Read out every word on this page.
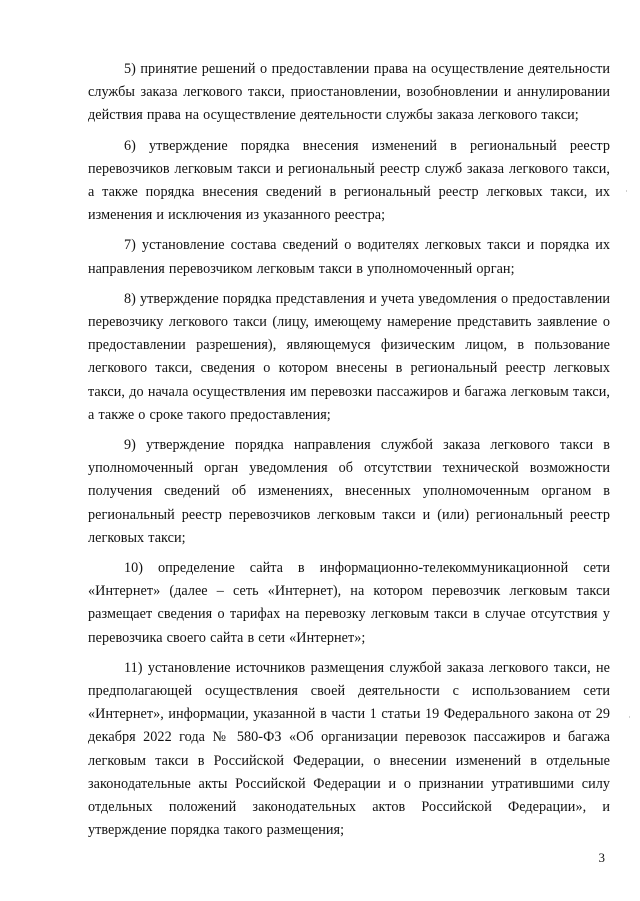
5) принятие решений о предоставлении права на осуществление деятельности службы заказа легкового такси, приостановлении, возобновлении и аннулировании действия права на осуществление деятельности службы заказа легкового такси;

6) утверждение порядка внесения изменений в региональный реестр перевозчиков легковым такси и региональный реестр служб заказа легкового такси, а также порядка внесения сведений в региональный реестр легковых такси, их изменения и исключения из указанного реестра;

7) установление состава сведений о водителях легковых такси и порядка их направления перевозчиком легковым такси в уполномоченный орган;

8) утверждение порядка представления и учета уведомления о предоставлении перевозчику легкового такси (лицу, имеющему намерение представить заявление о предоставлении разрешения), являющемуся физическим лицом, в пользование легкового такси, сведения о котором внесены в региональный реестр легковых такси, до начала осуществления им перевозки пассажиров и багажа легковым такси, а также о сроке такого предоставления;

9) утверждение порядка направления службой заказа легкового такси в уполномоченный орган уведомления об отсутствии технической возможности получения сведений об изменениях, внесенных уполномоченным органом в региональный реестр перевозчиков легковым такси и (или) региональный реестр легковых такси;

10) определение сайта в информационно-телекоммуникационной сети «Интернет» (далее – сеть «Интернет), на котором перевозчик легковым такси размещает сведения о тарифах на перевозку легковым такси в случае отсутствия у перевозчика своего сайта в сети «Интернет»;

11) установление источников размещения службой заказа легкового такси, не предполагающей осуществления своей деятельности с использованием сети «Интернет», информации, указанной в части 1 статьи 19 Федерального закона от 29 декабря 2022 года № 580-ФЗ «Об организации перевозок пассажиров и багажа легковым такси в Российской Федерации, о внесении изменений в отдельные законодательные акты Российской Федерации и о признании утратившими силу отдельных положений законодательных актов Российской Федерации», и утверждение порядка такого размещения;

3
